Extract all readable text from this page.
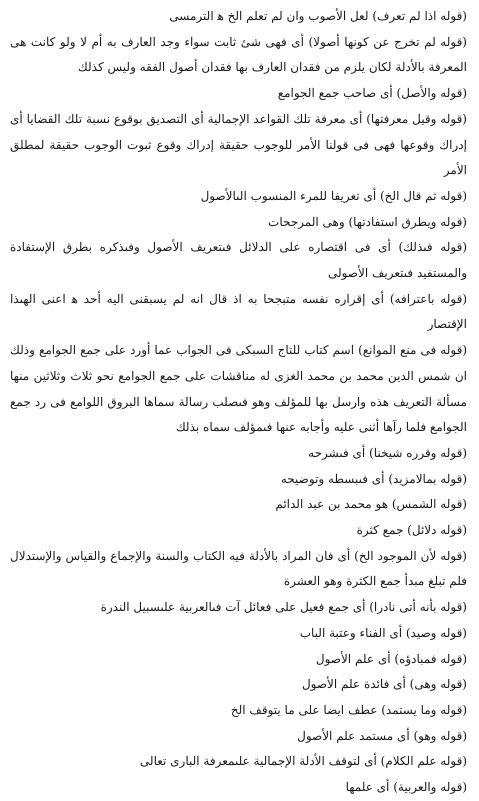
(قوله اذا لم تعرف) لعل الأصوب وان لم تعلم الخ ﻫ الترمسى

(قوله لم تخرج عن كونها أصولا) أى فهى شئ ثابت سواء وجد العارف به أم لا ولو كانت هى المعرفة بالأدلة لكان يلزم من فقدان العارف بها فقدان أصول الفقه وليس كذلك

(قوله والأصل) أى صاحب جمع الجوامع

(قوله وقيل معرفتها) أى معرفة تلك القواعد الإجمالية أى التصديق بوقوع نسبة تلك القضايا أى إدراك وقوعها فهى فى قولنا الأمر للوجوب حقيقة إدراك وقوع ثبوت الوجوب حقيقة لمطلق الأمر

(قوله ثم قال الخ) أى تعريفا للمرء المنسوب الىالأصول

(قوله ويطرق استفادتها) وهى المرجحات

(قوله فىذلك) أى فى اقتصاره على الدلائل فىتعريف الأصول وفىذكره بطرق الإستفادة والمستفيد فىتعريف الأصولى

(قوله باعترافه) أى إقراره نفسه متبجحا به اذ قال انه لم يسبقنى اليه أحد ﻫ اعنى الهىذا الإقتصار

(قوله فى منع الموانع) اسم كتاب للتاج السبكى فى الجواب عما أورد على جمع الجوامع وذلك ان شمس الدين محمد بن محمد الغزى له مناقشات على جمع الجوامع نحو ثلاث وثلاثين منها مسألة التعريف هذه وارسل بها للمؤلف وهو فىصلب رسالة سماها البروق اللوامع فى رد جمع الجوامع فلما رآها أثنى عليه وأجابه عنها فىمؤلف سماه بذلك

(قوله وقرره شيخنا) أى فىشرحه

(قوله بمالامزيد) أى فىبسطه وتوضيحه

(قوله الشمس) هو محمد بن عبد الدائم

(قوله دلائل) جمع كثرة

(قوله لأن الموجود الخ) أى فان المراد بالأدلة فيه الكتاب والسنة والإجماع والقياس والإستدلال فلم تبلغ مبدأ جمع الكثرة وهو العشرة

(قوله بأنه أتى نادرا) أى جمع فعيل على فعائل آت فىالعربية علىسبيل الندرة

(قوله وصيد) أى الفناء وعتبة الباب

(قوله فمبادؤه) أى علم الأصول

(قوله وهى) أى فائدة علم الأصول

(قوله وما يستمد) عطف ايضا على ما يتوقف الخ

(قوله وهو) أى مستمد علم الأصول

(قوله علم الكلام) أى لتوقف الأدلة الإجمالية علىمعرفة البارى تعالى

(قوله والعربية) أى علمها
